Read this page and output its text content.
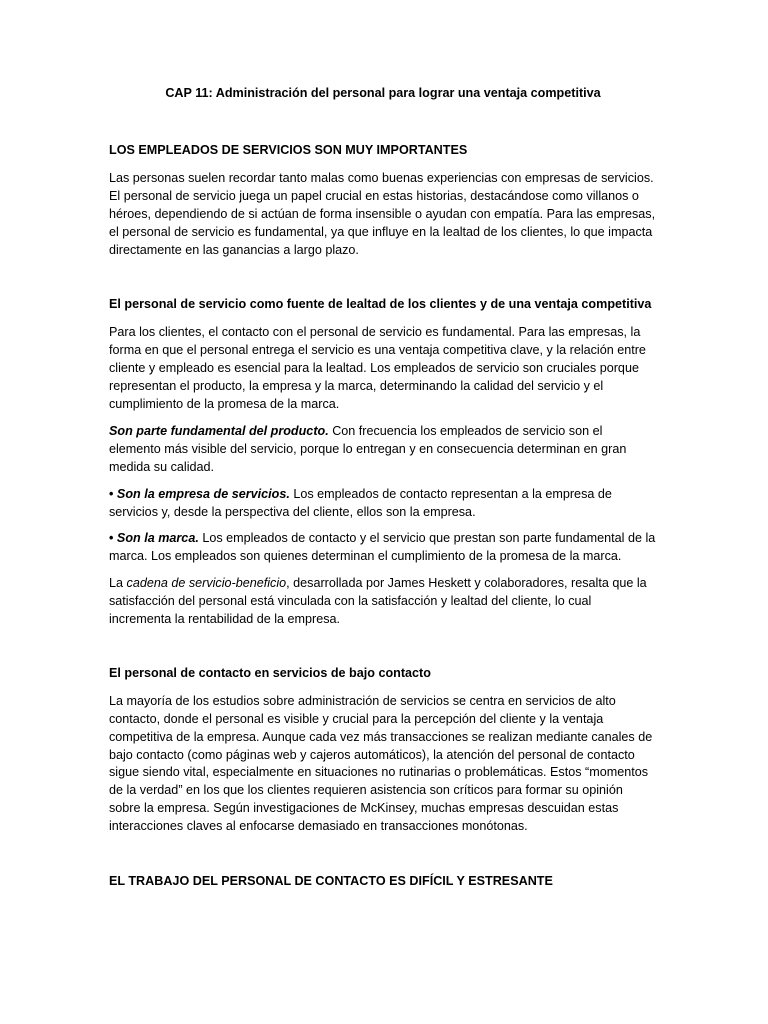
CAP 11: Administración del personal para lograr una ventaja competitiva
LOS EMPLEADOS DE SERVICIOS SON MUY IMPORTANTES

Las personas suelen recordar tanto malas como buenas experiencias con empresas de servicios. El personal de servicio juega un papel crucial en estas historias, destacándose como villanos o héroes, dependiendo de si actúan de forma insensible o ayudan con empatía. Para las empresas, el personal de servicio es fundamental, ya que influye en la lealtad de los clientes, lo que impacta directamente en las ganancias a largo plazo.

El personal de servicio como fuente de lealtad de los clientes y de una ventaja competitiva

Para los clientes, el contacto con el personal de servicio es fundamental. Para las empresas, la forma en que el personal entrega el servicio es una ventaja competitiva clave, y la relación entre cliente y empleado es esencial para la lealtad. Los empleados de servicio son cruciales porque representan el producto, la empresa y la marca, determinando la calidad del servicio y el cumplimiento de la promesa de la marca.

Son parte fundamental del producto. Con frecuencia los empleados de servicio son el elemento más visible del servicio, porque lo entregan y en consecuencia determinan en gran medida su calidad.

• Son la empresa de servicios. Los empleados de contacto representan a la empresa de servicios y, desde la perspectiva del cliente, ellos son la empresa.

• Son la marca. Los empleados de contacto y el servicio que prestan son parte fundamental de la marca. Los empleados son quienes determinan el cumplimiento de la promesa de la marca.

La cadena de servicio-beneficio, desarrollada por James Heskett y colaboradores, resalta que la satisfacción del personal está vinculada con la satisfacción y lealtad del cliente, lo cual incrementa la rentabilidad de la empresa.

El personal de contacto en servicios de bajo contacto

La mayoría de los estudios sobre administración de servicios se centra en servicios de alto contacto, donde el personal es visible y crucial para la percepción del cliente y la ventaja competitiva de la empresa. Aunque cada vez más transacciones se realizan mediante canales de bajo contacto (como páginas web y cajeros automáticos), la atención del personal de contacto sigue siendo vital, especialmente en situaciones no rutinarias o problemáticas. Estos “momentos de la verdad” en los que los clientes requieren asistencia son críticos para formar su opinión sobre la empresa. Según investigaciones de McKinsey, muchas empresas descuidan estas interacciones claves al enfocarse demasiado en transacciones monótonas.

EL TRABAJO DEL PERSONAL DE CONTACTO ES DIFÍCIL Y ESTRESANTE
